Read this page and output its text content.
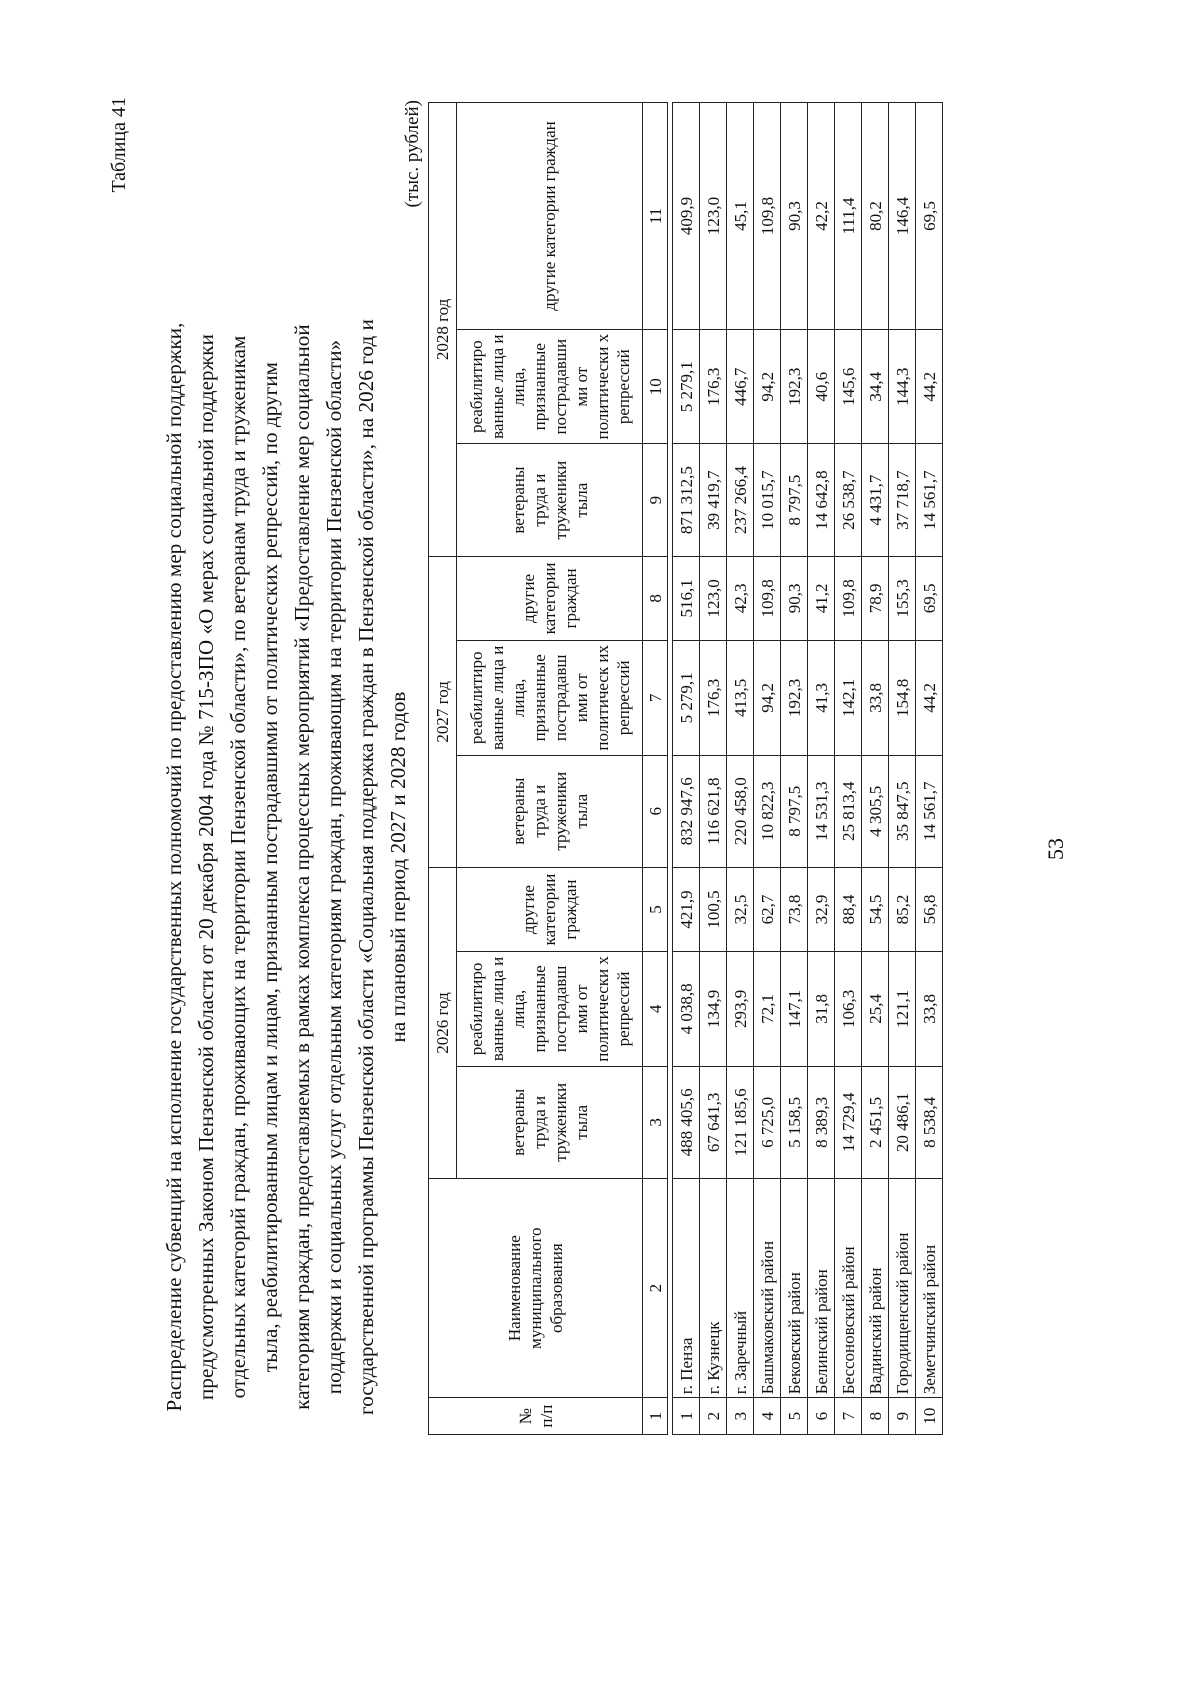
53
Таблица 41
Распределение субвенций на исполнение государственных полномочий по предоставлению мер социальной поддержки, предусмотренных Законом Пензенской области от 20 декабря 2004 года № 715-ЗПО «О мерах социальной поддержки отдельных категорий граждан, проживающих на территории Пензенской области», по ветеранам труда и труженикам тыла, реабилитированным лицам и лицам, признанным пострадавшими от политических репрессий, по другим категориям граждан, предоставляемых в рамках комплекса процессных мероприятий «Предоставление мер социальной поддержки и социальных услуг отдельным категориям граждан, проживающим на территории Пензенской области» государственной программы Пензенской области «Социальная поддержка граждан в Пензенской области», на 2026 год и на плановый период 2027 и 2028 годов
(тыс. рублей)
№ п/п	Наименование муниципального образования	2026 год			2027 год			2028 год		
		ветераны труда и труженики тыла	реабилитиро ванные лица и лица, признанные пострадавш ими от политически х репрессий	другие категории граждан	ветераны труда и труженики тыла	реабилитиро ванные лица и лица, признанные пострадавш ими от политическ их репрессий	другие категории граждан	ветераны труда и труженики тыла	реабилитиро ванные лица и лица, признанные пострадавши ми от политически х репрессий	другие категории граждан
1	2	3	4	5	6	7	8	9	10	11

1	г. Пенза	488 405,6	4 038,8	421,9	832 947,6	5 279,1	516,1	871 312,5	5 279,1	409,9
2	г. Кузнецк	67 641,3	134,9	100,5	116 621,8	176,3	123,0	39 419,7	176,3	123,0
3	г. Заречный	121 185,6	293,9	32,5	220 458,0	413,5	42,3	237 266,4	446,7	45,1
4	Башмаковский район	6 725,0	72,1	62,7	10 822,3	94,2	109,8	10 015,7	94,2	109,8
5	Бековский район	5 158,5	147,1	73,8	8 797,5	192,3	90,3	8 797,5	192,3	90,3
6	Белинский район	8 389,3	31,8	32,9	14 531,3	41,3	41,2	14 642,8	40,6	42,2
7	Бессоновский район	14 729,4	106,3	88,4	25 813,4	142,1	109,8	26 538,7	145,6	111,4
8	Вадинский район	2 451,5	25,4	54,5	4 305,5	33,8	78,9	4 431,7	34,4	80,2
9	Городищенский район	20 486,1	121,1	85,2	35 847,5	154,8	155,3	37 718,7	144,3	146,4
10	Земетчинский район	8 538,4	33,8	56,8	14 561,7	44,2	69,5	14 561,7	44,2	69,5
